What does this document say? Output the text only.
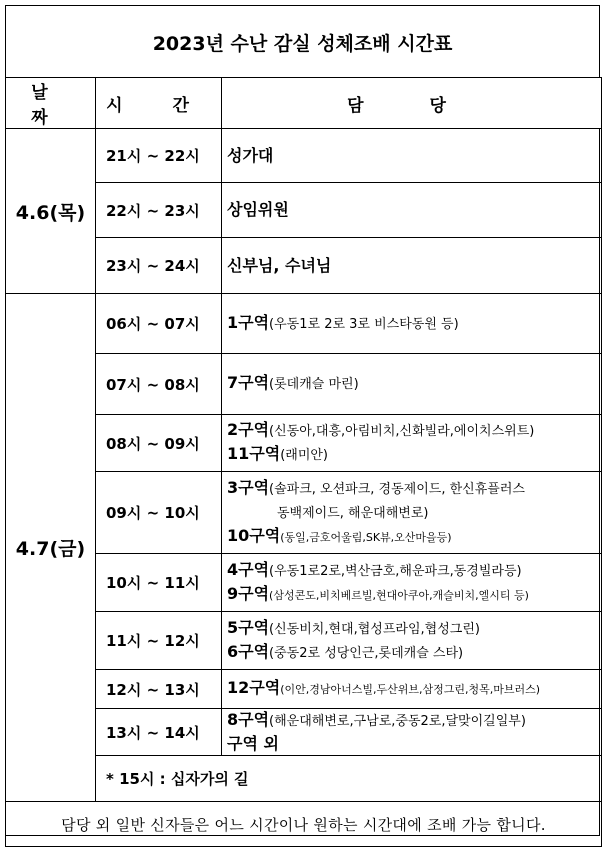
2023년 수난 감실 성체조배 시간표
날 짜	시 간	담 당
4.6(목)	21시 ~ 22시	성가대
	22시 ~ 23시	상임위원
	23시 ~ 24시	신부님, 수녀님
4.7(금)	06시 ~ 07시	1구역(우동1로 2로 3로 비스타동원 등)
	07시 ~ 08시	7구역(롯데캐슬 마린)
	08시 ~ 09시	2구역(신동아,대흥,아림비치,신화빌라,에이치스위트)
11구역(래미안)

	09시 ~ 10시	3구역(솔파크, 오션파크, 경동제이드, 한신휴플러스
동백제이드, 해운대해변로)
10구역(동일,금호어울림,SK뷰,오산마을등)

	10시 ~ 11시	4구역(우동1로2로,벽산금호,해운파크,동경빌라등)
9구역(삼성콘도,비치베르빌,현대아쿠아,캐슬비치,엘시티 등)

	11시 ~ 12시	5구역(신동비치,현대,협성프라임,협성그린)
6구역(중동2로 성당인근,롯데캐슬 스타)

	12시 ~ 13시	12구역(이안,경남아너스빌,두산위브,삼정그린,청목,마브러스)
	13시 ~ 14시	8구역(해운대해변로,구남로,중동2로,달맞이길일부)
구역 외

	* 15시 : 십자가의 길	
담당 외 일반 신자들은 어느 시간이나 원하는 시간대에 조배 가능 합니다.		
